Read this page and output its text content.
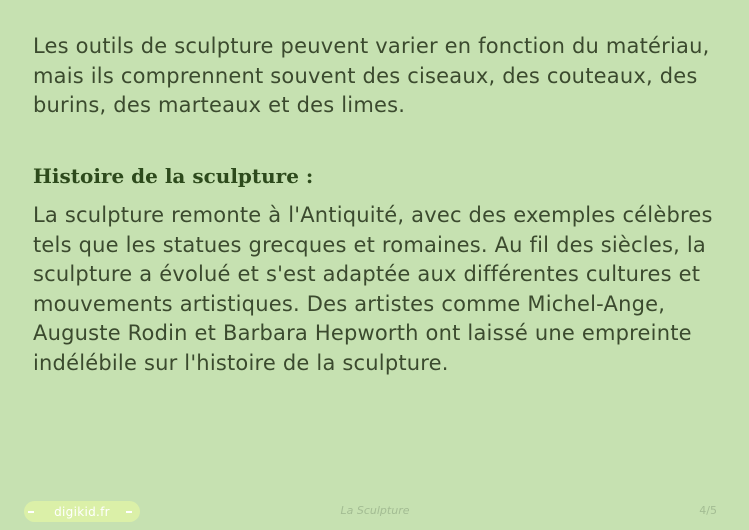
Les outils de sculpture peuvent varier en fonction du matériau, mais ils comprennent souvent des ciseaux, des couteaux, des burins, des marteaux et des limes.

Histoire de la sculpture :

La sculpture remonte à l'Antiquité, avec des exemples célèbres tels que les statues grecques et romaines. Au fil des siècles, la sculpture a évolué et s'est adaptée aux différentes cultures et mouvements artistiques. Des artistes comme Michel-Ange, Auguste Rodin et Barbara Hepworth ont laissé une empreinte indélébile sur l'histoire de la sculpture.

digikid.fr	La Sculpture	4/5
